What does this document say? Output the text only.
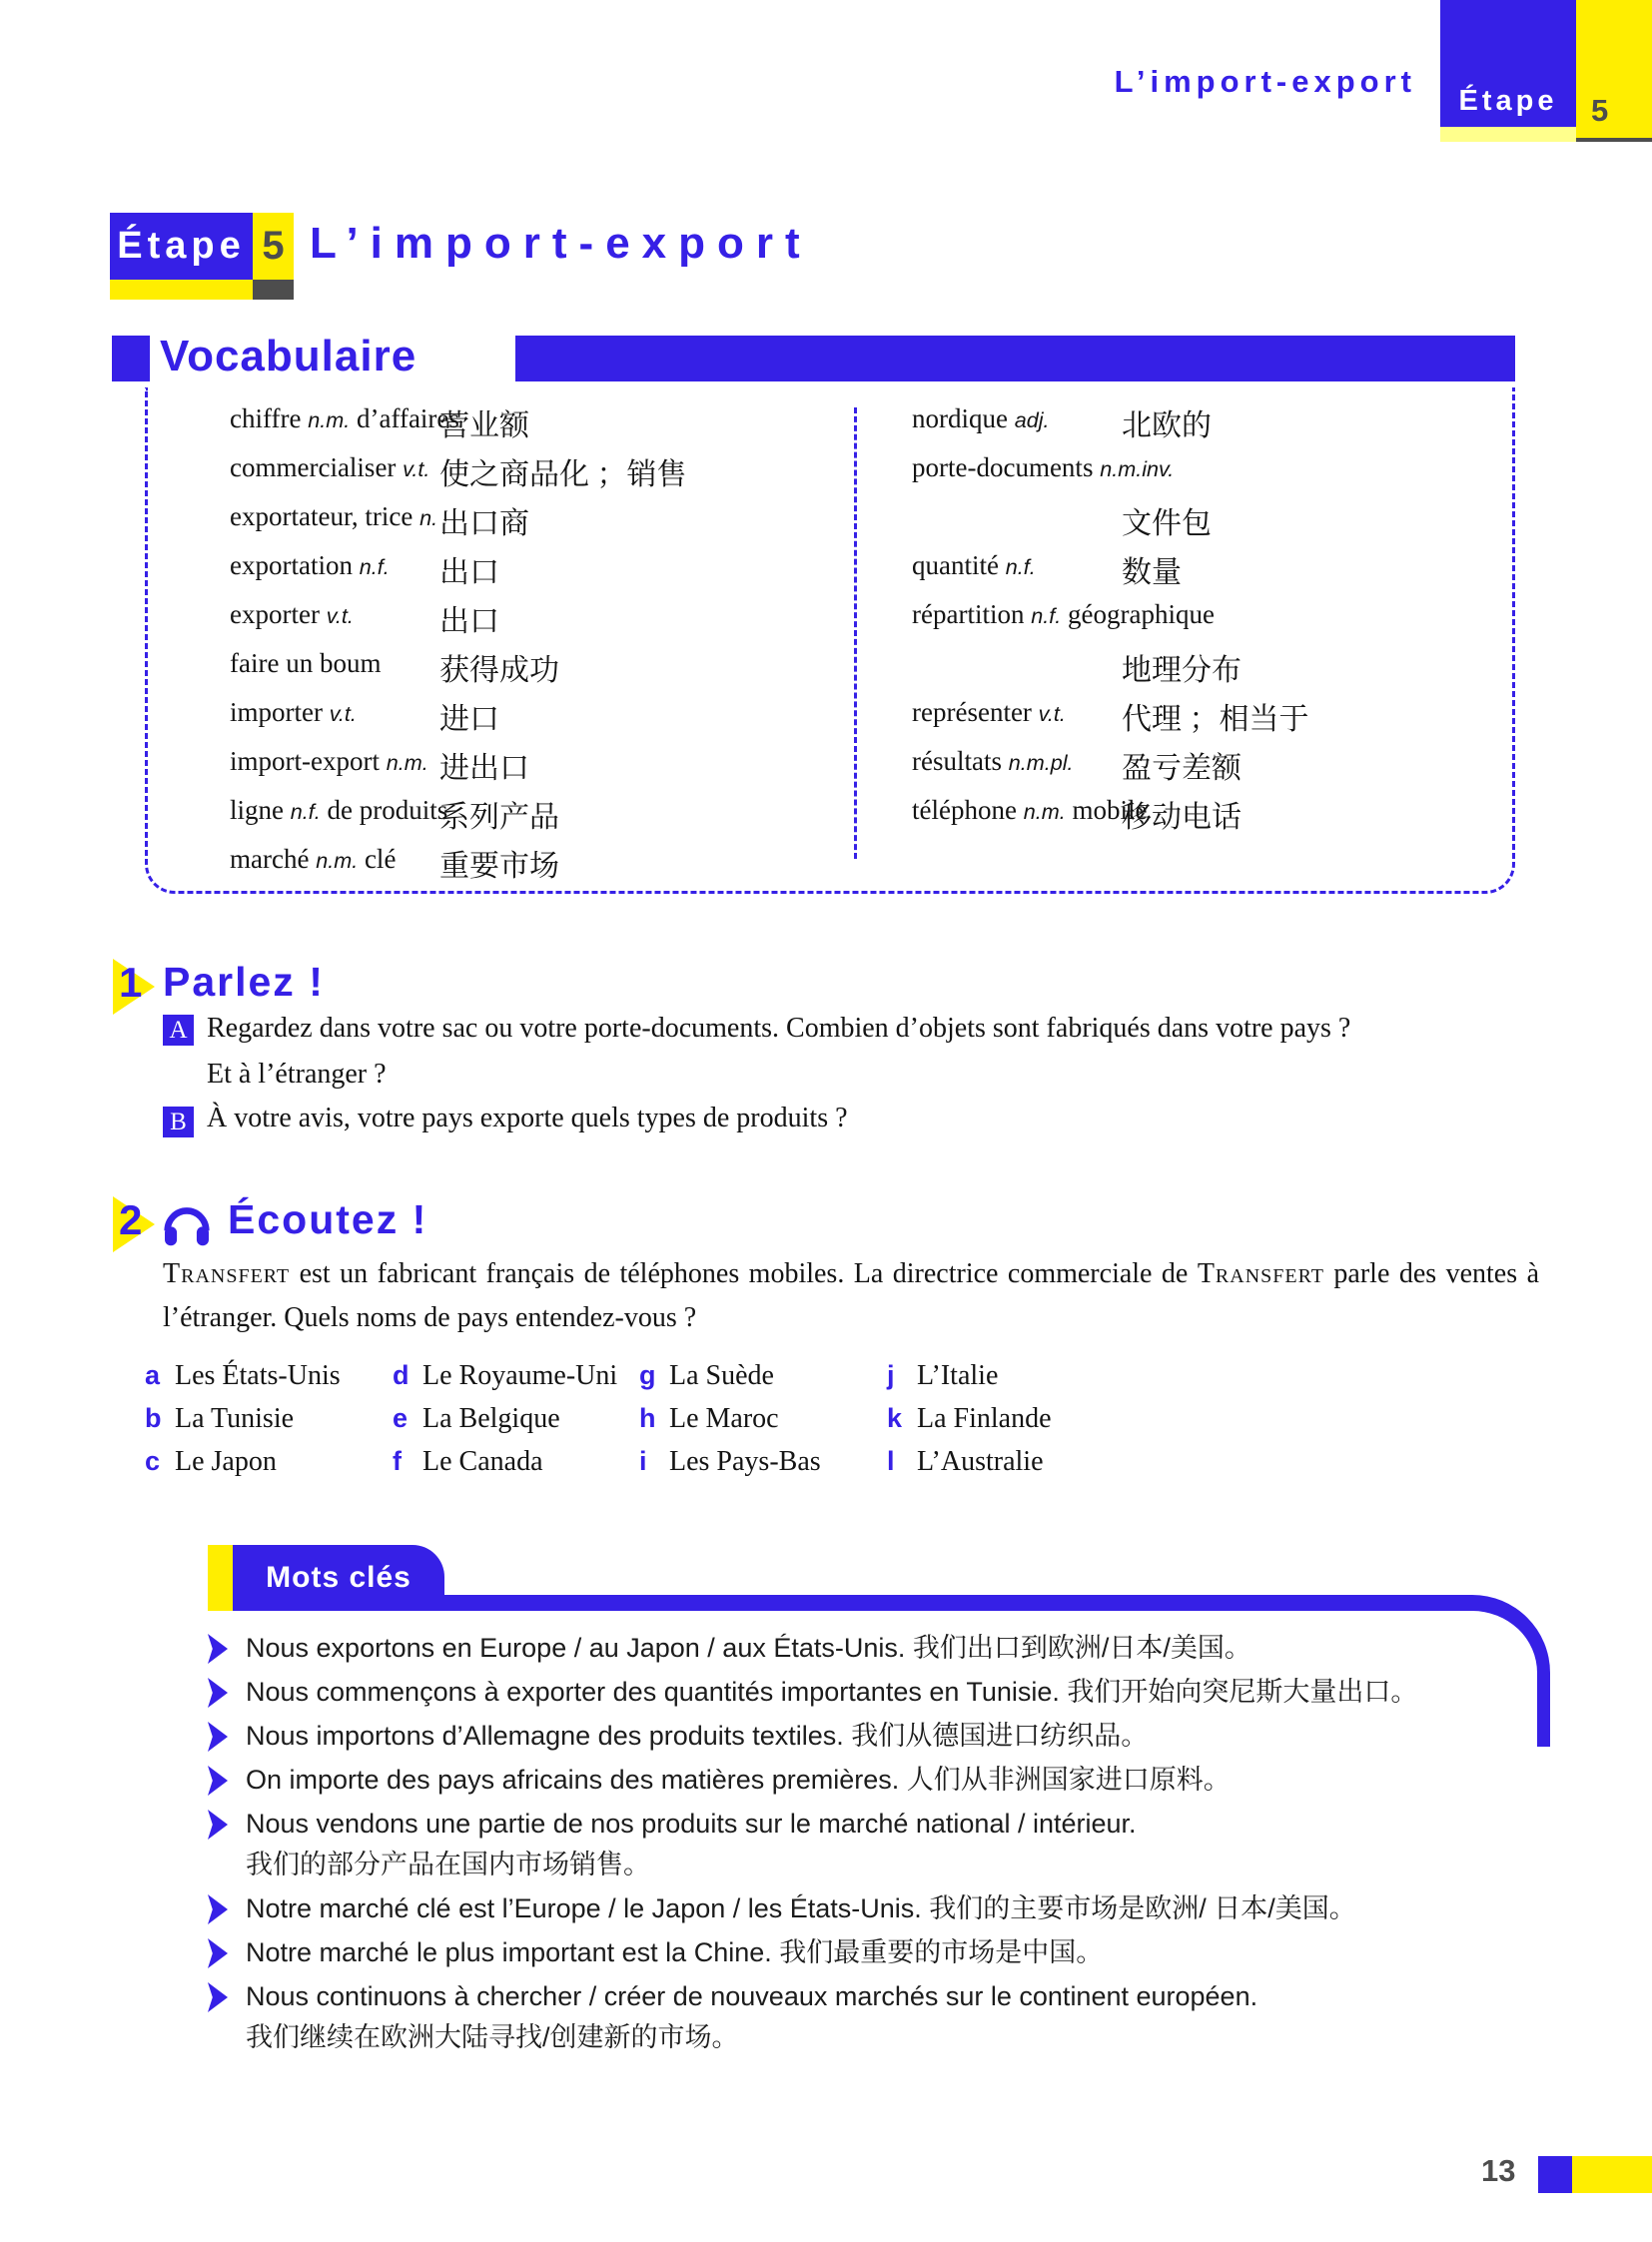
L’import-export
Étape 5
Étape 5 L’import-export
Vocabulaire
chiffre n.m. d’affaires
营业额
commercialiser v.t. 使之商品化 ；销售
exportateur, trice n. 出口商
exportation n.f. 出口
exporter v.t.	出口
faire un boum 获得成功
importer v.t.	进口
import-export n.m. 进出口
ligne n.f. de produits
系列产品
marché n.m. clé 重要市场
nordique adj. 北欧的
porte-documents n.m.inv.
文件包
quantité n.f.	数量
répartition n.f. géographique
地理分布
représenter v.t. 代理 ；相当于
résultats n.m.pl. 盈亏差额
téléphone n.m. mobile
移动电话
1 Parlez !
A Regardez dans votre sac ou votre porte-documents. Combien d’objets sont fabriqués dans votre pays ?
Et à l’étranger ?
B À votre avis, votre pays exporte quels types de produits ?
2 Écoutez !
Transfert est un fabricant français de téléphones mobiles. La directrice commerciale de Transfert parle des ventes à l’étranger. Quels noms de pays entendez-vous ?
a Les États-Unis
b La Tunisie
c Le Japon
d Le Royaume-Uni
e La Belgique
f Le Canada
g La Suède
h Le Maroc
i Les Pays-Bas
j L’Italie
k La Finlande
l L’Australie
Mots clés
Nous exportons en Europe / au Japon / aux États-Unis. 我们出口到欧洲/日本/美国。
Nous commençons à exporter des quantités importantes en Tunisie. 我们开始向突尼斯大量出口。
Nous importons d’Allemagne des produits textiles. 我们从德国进口纺织品。
On importe des pays africains des matières premières. 人们从非洲国家进口原料。
Nous vendons une partie de nos produits sur le marché national / intérieur.
我们的部分产品在国内市场销售。
Notre marché clé est l’Europe / le Japon / les États-Unis. 我们的主要市场是欧洲/ 日本/美国。
Notre marché le plus important est la Chine. 我们最重要的市场是中国。
Nous continuons à chercher / créer de nouveaux marchés sur le continent européen.
我们继续在欧洲大陆寻找/创建新的市场。
13
